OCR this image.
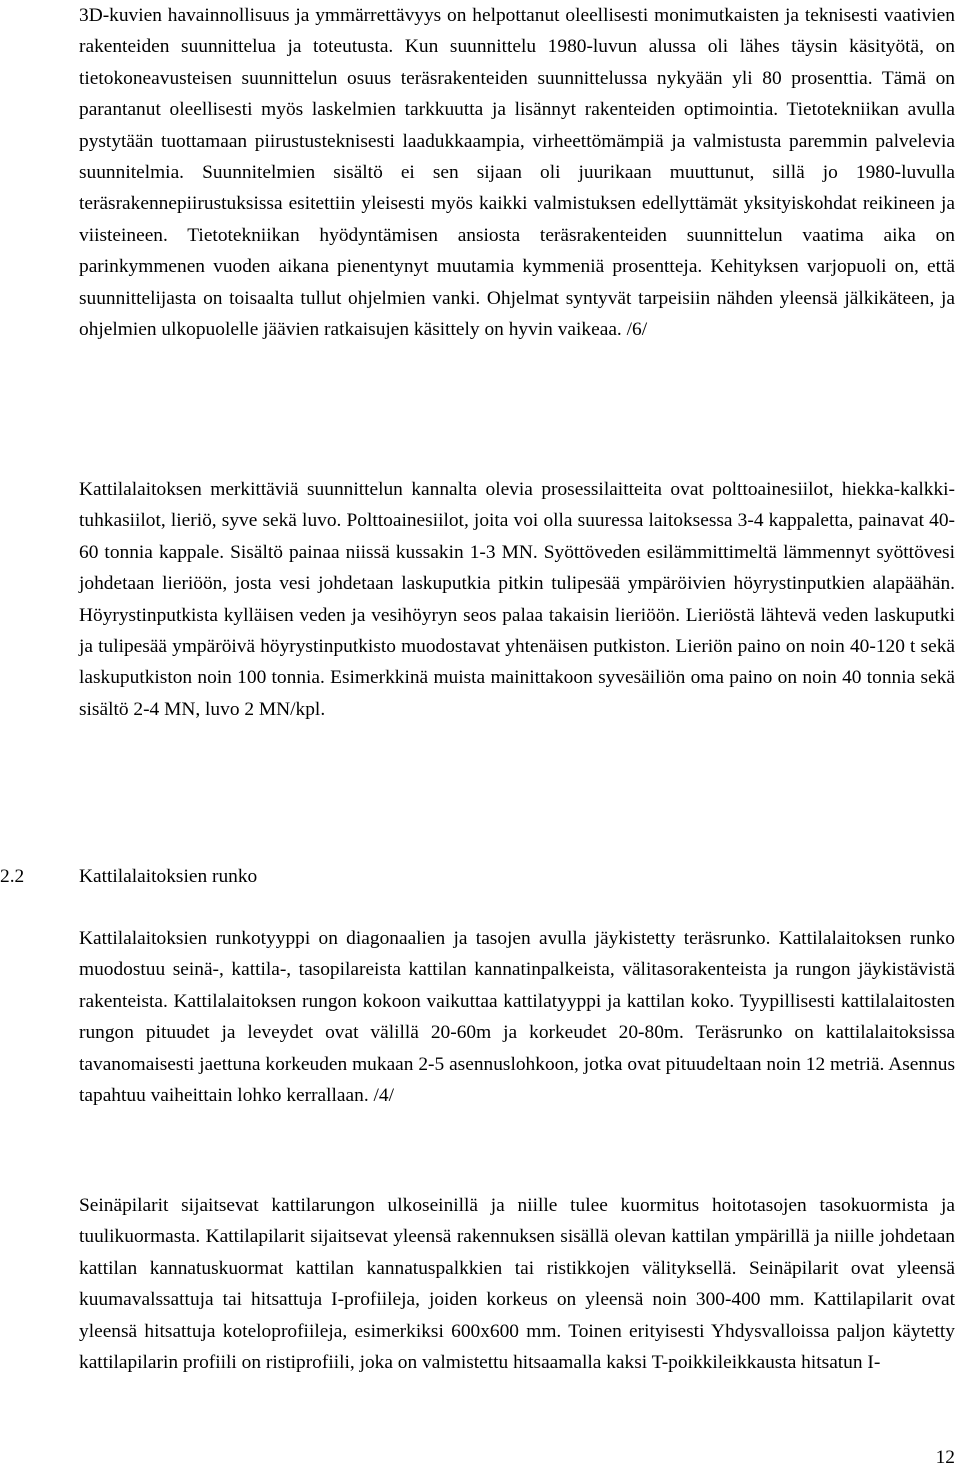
3D-kuvien havainnollisuus ja ymmärrettävyys on helpottanut oleellisesti monimutkaisten ja teknisesti vaativien rakenteiden suunnittelua ja toteutusta. Kun suunnittelu 1980-luvun alussa oli lähes täysin käsityötä, on tietokoneavusteisen suunnittelun osuus teräsrakenteiden suunnittelussa nykyään yli 80 prosenttia. Tämä on parantanut oleellisesti myös laskelmien tarkkuutta ja lisännyt rakenteiden optimointia. Tietotekniikan avulla pystytään tuottamaan piirustusteknisesti laadukkaampia, virheettömämpiä ja valmistusta paremmin palvelevia suunnitelmia. Suunnitelmien sisältö ei sen sijaan oli juurikaan muuttunut, sillä jo 1980-luvulla teräsrakennepiirustuksissa esitettiin yleisesti myös kaikki valmistuksen edellyttämät yksityiskohdat reikineen ja viisteineen. Tietotekniikan hyödyntämisen ansiosta teräsrakenteiden suunnittelun vaatima aika on parinkymmenen vuoden aikana pienentynyt muutamia kymmeniä prosentteja. Kehityksen varjopuoli on, että suunnittelijasta on toisaalta tullut ohjelmien vanki. Ohjelmat syntyvät tarpeisiin nähden yleensä jälkikäteen, ja ohjelmien ulkopuolelle jäävien ratkaisujen käsittely on hyvin vaikeaa. /6/

Kattilalaitoksen merkittäviä suunnittelun kannalta olevia prosessilaitteita ovat polttoainesiilot, hiekka-kalkki-tuhkasiilot, lieriö, syve sekä luvo. Polttoainesiilot, joita voi olla suuressa laitoksessa 3-4 kappaletta, painavat 40-60 tonnia kappale. Sisältö painaa niissä kussakin 1-3 MN. Syöttöveden esilämmittimeltä lämmennyt syöttövesi johdetaan lieriöön, josta vesi johdetaan laskuputkia pitkin tulipesää ympäröivien höyrystinputkien alapäähän. Höyrystinputkista kylläisen veden ja vesihöyryn seos palaa takaisin lieriöön. Lieriöstä lähtevä veden laskuputki ja tulipesää ympäröivä höyrystinputkisto muodostavat yhtenäisen putkiston. Lieriön paino on noin 40-120 t sekä laskuputkiston noin 100 tonnia. Esimerkkinä muista mainittakoon syvesäiliön oma paino on noin 40 tonnia sekä sisältö 2-4 MN, luvo 2 MN/kpl.

2.2	Kattilalaitoksien runko

Kattilalaitoksien runkotyyppi on diagonaalien ja tasojen avulla jäykistetty teräsrunko. Kattilalaitoksen runko muodostuu seinä-, kattila-, tasopilareista kattilan kannatinpalkeista, välitasorakenteista ja rungon jäykistävistä rakenteista. Kattilalaitoksen rungon kokoon vaikuttaa kattilatyyppi ja kattilan koko. Tyypillisesti kattilalaitosten rungon pituudet ja leveydet ovat välillä 20-60m ja korkeudet 20-80m. Teräsrunko on kattilalaitoksissa tavanomaisesti jaettuna korkeuden mukaan 2-5 asennuslohkoon, jotka ovat pituudeltaan noin 12 metriä. Asennus tapahtuu vaiheittain lohko kerrallaan. /4/

Seinäpilarit sijaitsevat kattilarungon ulkoseinillä ja niille tulee kuormitus hoitotasojen tasokuormista ja tuulikuormasta. Kattilapilarit sijaitsevat yleensä rakennuksen sisällä olevan kattilan ympärillä ja niille johdetaan kattilan kannatuskuormat kattilan kannatuspalkkien tai ristikkojen välityksellä. Seinäpilarit ovat yleensä kuumavalssattuja tai hitsattuja I-profiileja, joiden korkeus on yleensä noin 300-400 mm. Kattilapilarit ovat yleensä hitsattuja koteloprofiileja, esimerkiksi 600x600 mm. Toinen erityisesti Yhdysvalloissa paljon käytetty kattilapilarin profiili on ristiprofiili, joka on valmistettu hitsaamalla kaksi T-poikkileikkausta hitsatun I-

12
